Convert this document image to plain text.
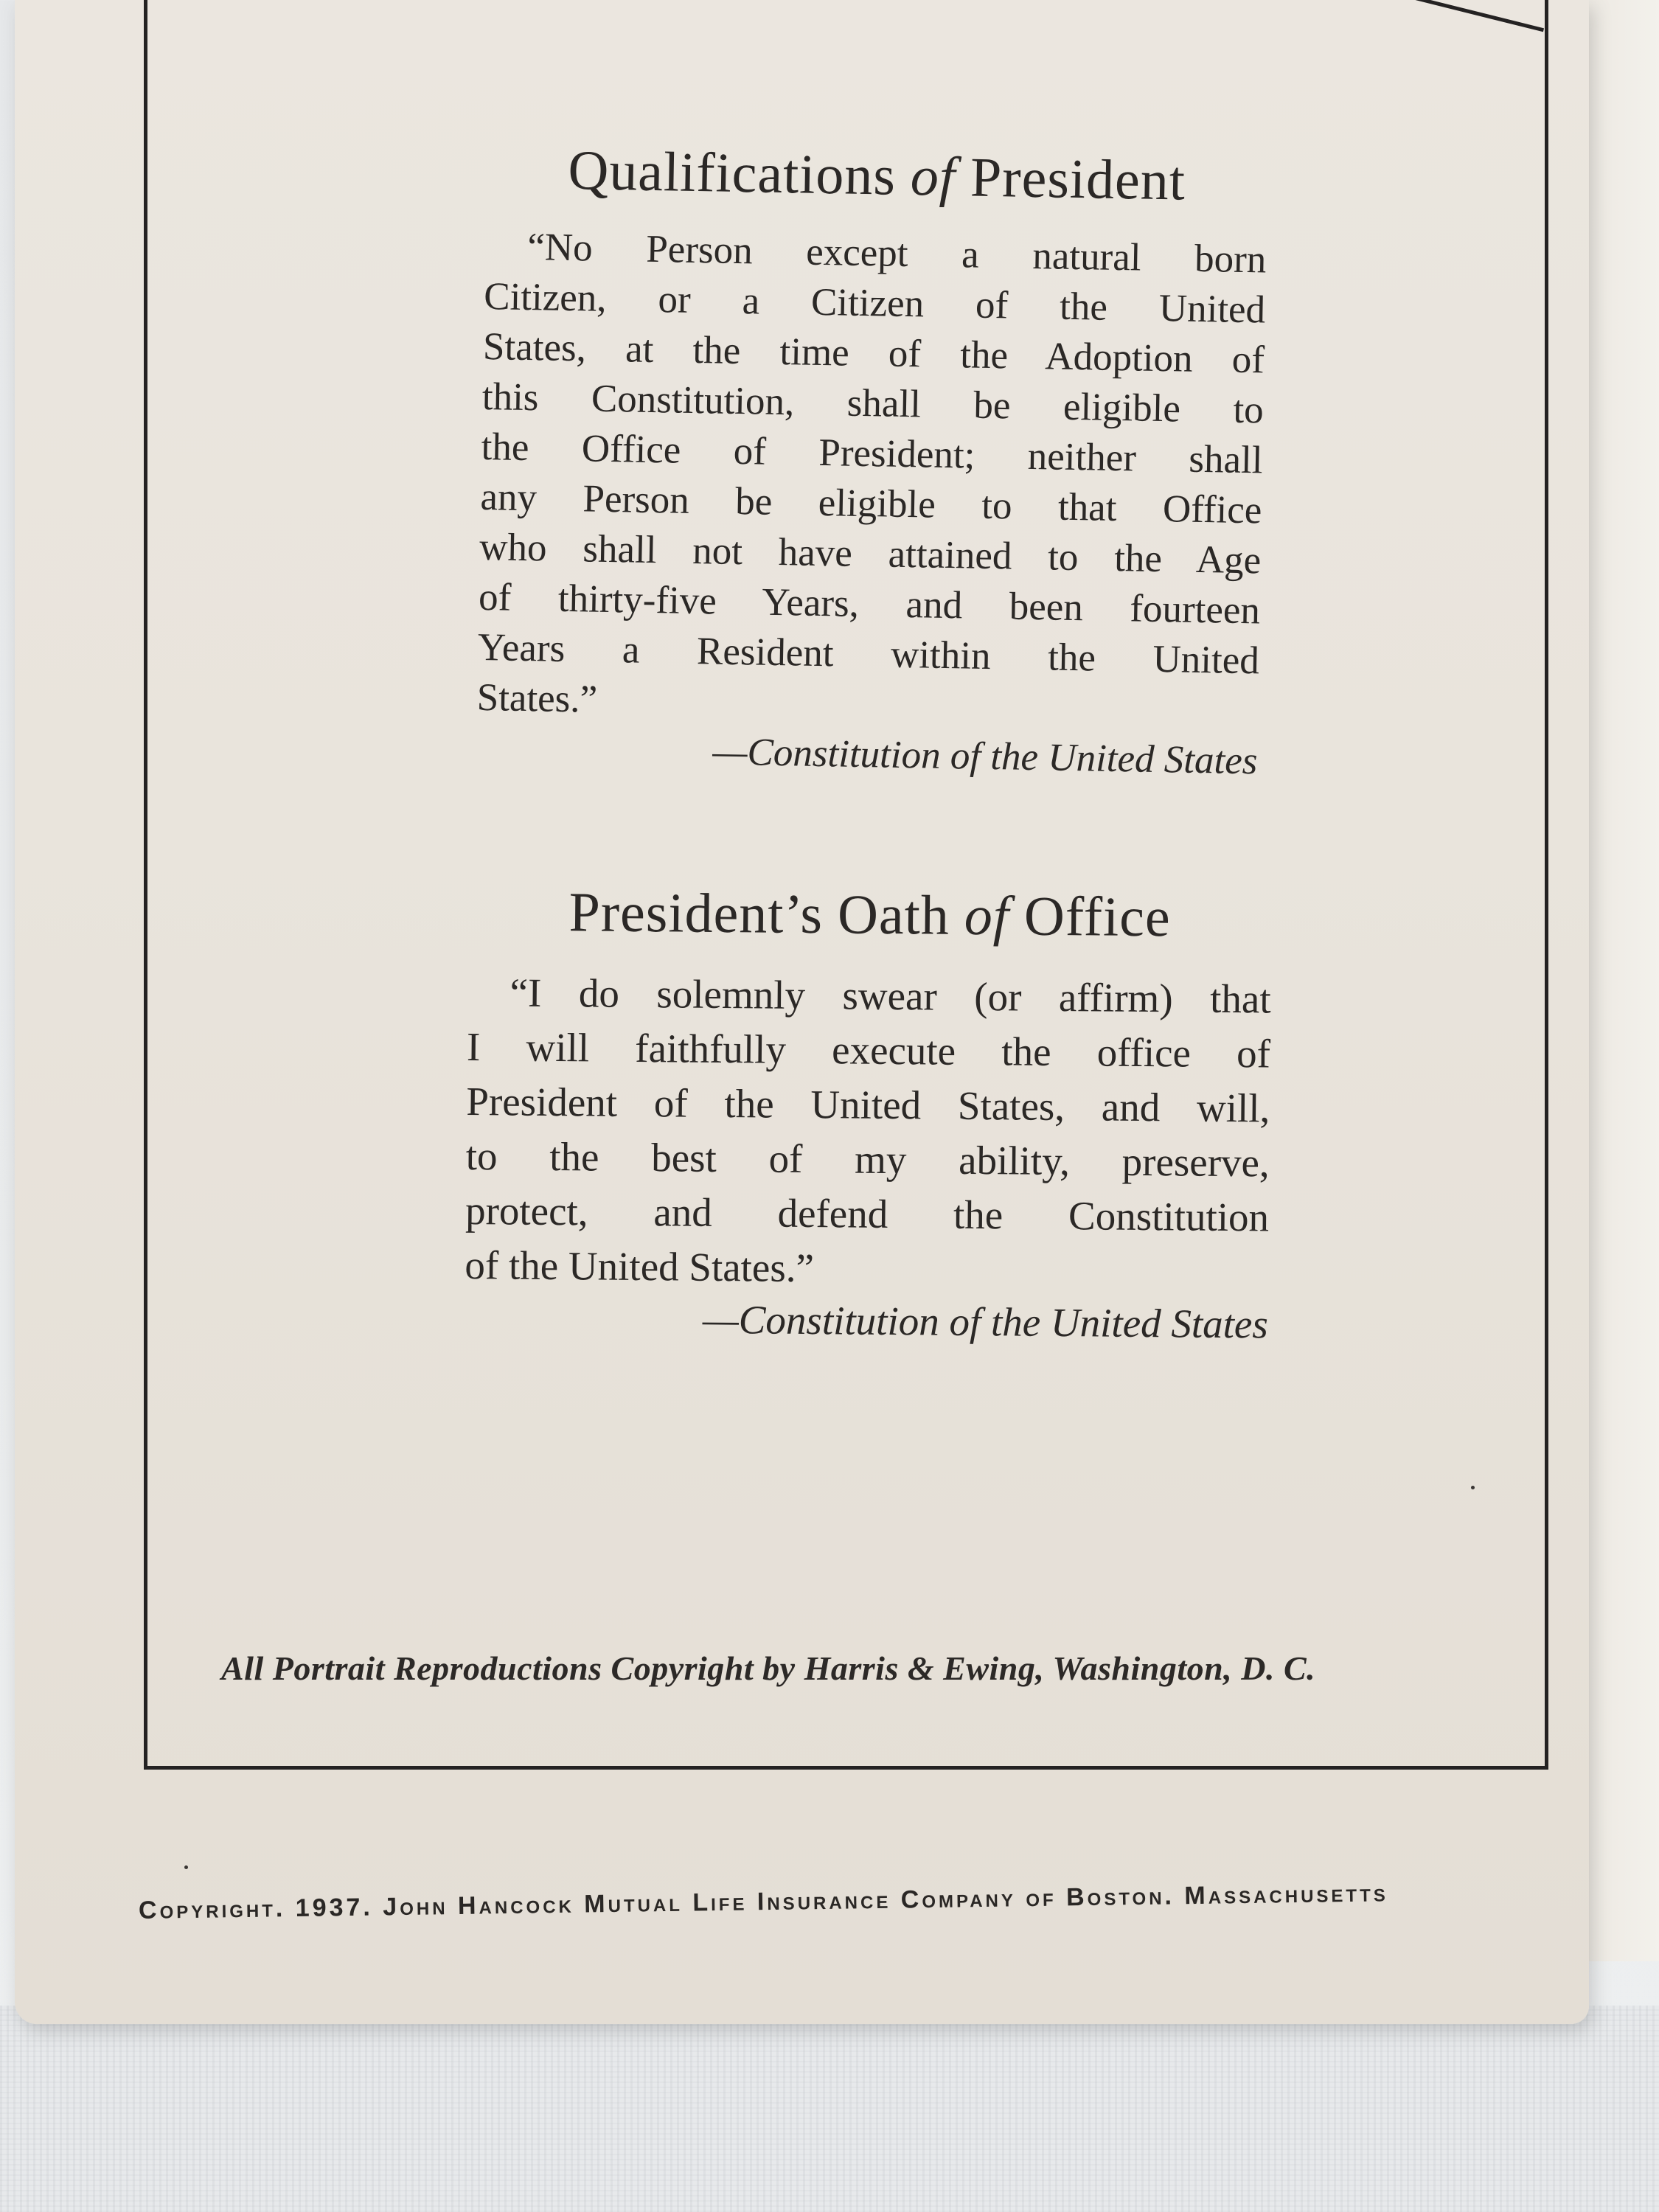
Qualifications of President

“No Person except a natural born
Citizen, or a Citizen of the United
States, at the time of the Adoption of
this Constitution, shall be eligible to
the Office of President; neither shall
any Person be eligible to that Office
who shall not have attained to the Age
of thirty-five Years, and been fourteen
Years a Resident within the United
States.”

—Constitution of the United States

President’s Oath of Office

“I do solemnly swear (or affirm) that
I will faithfully execute the office of
President of the United States, and will,
to the best of my ability, preserve,
protect, and defend the Constitution
of the United States.”

—Constitution of the United States

All Portrait Reproductions Copyright by Harris & Ewing, Washington, D. C.
Copyright. 1937. John Hancock Mutual Life Insurance Company of Boston. Massachusetts
